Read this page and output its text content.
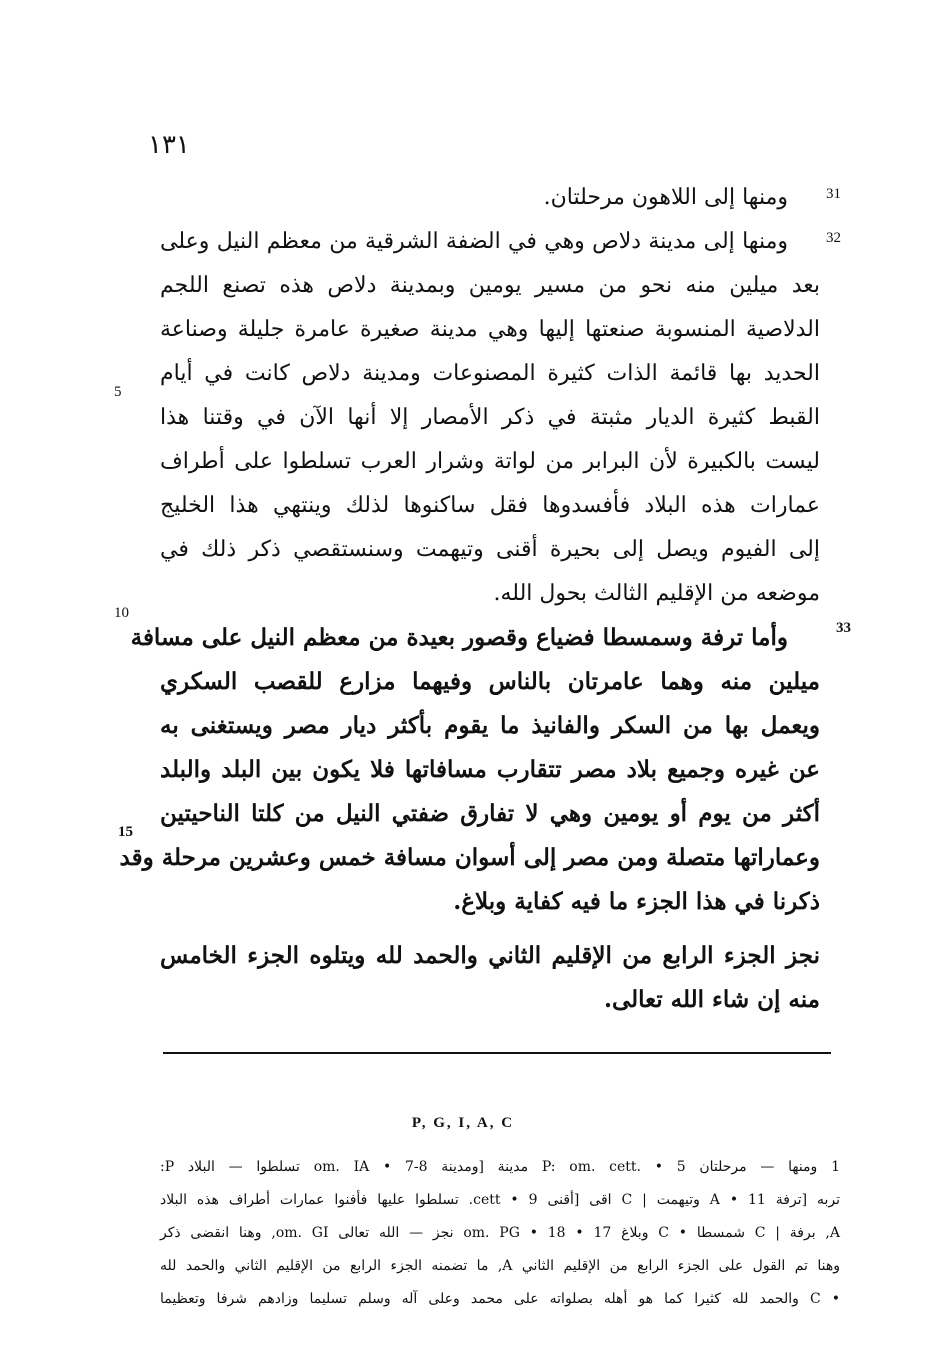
١٣١
31
32
33
5
10
15
ومنها إلى اللاهون مرحلتان.
ومنها إلى مدينة دلاص وهي في الضفة الشرقية من معظم النيل وعلى
بعد ميلين منه نحو من مسير يومين وبمدينة دلاص هذه تصنع اللجم
الدلاصية المنسوبة صنعتها إليها وهي مدينة صغيرة عامرة جليلة وصناعة
الحديد بها قائمة الذات كثيرة المصنوعات ومدينة دلاص كانت في أيام
القبط كثيرة الديار مثبتة في ذكر الأمصار إلا أنها الآن في وقتنا هذا
ليست بالكبيرة لأن البرابر من لواتة وشرار العرب تسلطوا على أطراف
عمارات هذه البلاد فأفسدوها فقل ساكنوها لذلك وينتهي هذا الخليج
إلى الفيوم ويصل إلى بحيرة أقنى وتيهمت وسنستقصي ذكر ذلك في
موضعه من الإقليم الثالث بحول الله.
وأما ترفة وسمسطا فضياع وقصور بعيدة من معظم النيل على مسافة
ميلين منه وهما عامرتان بالناس وفيهما مزارع للقصب السكري
ويعمل بها من السكر والفانيذ ما يقوم بأكثر ديار مصر ويستغنى به
عن غيره وجميع بلاد مصر تتقارب مسافاتها فلا يكون بين البلد والبلد
أكثر من يوم أو يومين وهي لا تفارق ضفتي النيل من كلتا الناحيتين
وعماراتها متصلة ومن مصر إلى أسوان مسافة خمس وعشرين مرحلة وقد
ذكرنا في هذا الجزء ما فيه كفاية وبلاغ.
نجز الجزء الرابع من الإقليم الثاني والحمد لله ويتلوه الجزء الخامس
منه إن شاء الله تعالى.
P, G, I, A, C
1 ومنها — مرحلتان P: om. cett. • 5 مدينة [ومدينة om. IA • 7-8 تسلطوا — البلاد P:
تربه [ترفة 11 • A وتيهمت | C اقى [أقنى 9 • cett. تسلطوا عليها فأفنوا عمارات أطراف هذه البلاد
A, برفة | C شمسطا • C وبلاغ 17 • om. PG • 18 نجز — الله تعالى om. GI, وهنا انقضى ذكر
وهنا تم القول على الجزء الرابع من الإقليم الثاني A, ما تضمنه الجزء الرابع من الإقليم الثاني والحمد لله
• C والحمد لله كثيرا كما هو أهله بصلواته على محمد وعلى آله وسلم تسليما وزادهم شرفا وتعظيما
